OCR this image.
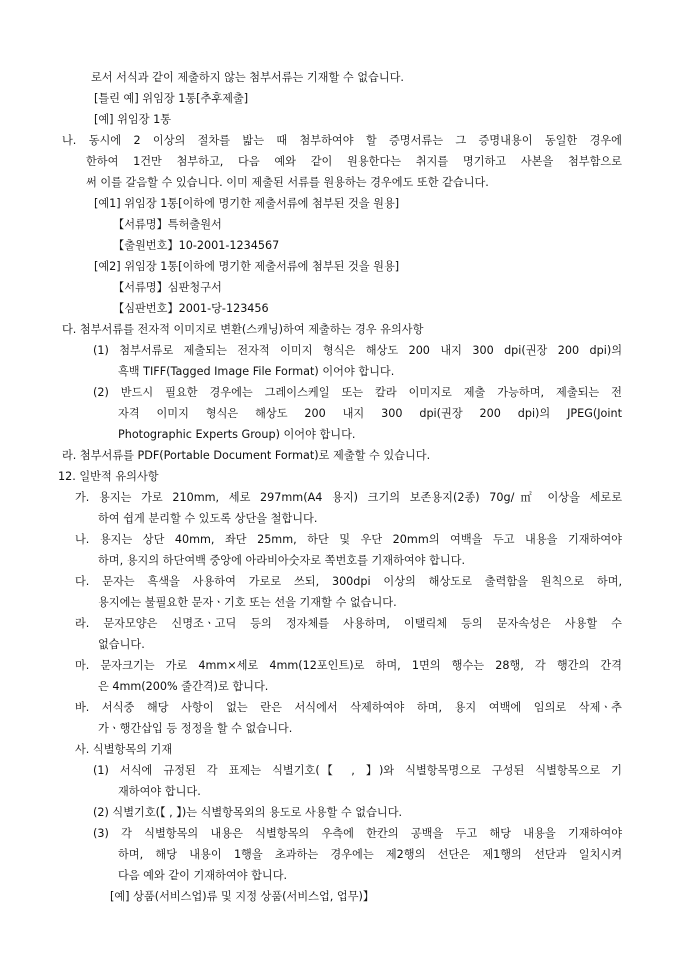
로서 서식과 같이 제출하지 않는 첨부서류는 기재할 수 없습니다.
[틀린 예] 위임장 1통[추후제출]
[예] 위임장 1통
나. 동시에 2 이상의 절차를 밟는 때 첨부하여야 할 증명서류는 그 증명내용이 동일한 경우에
한하여 1건만 첨부하고, 다음 예와 같이 원용한다는 취지를 명기하고 사본을 첨부함으로
써 이를 갈음할 수 있습니다. 이미 제출된 서류를 원용하는 경우에도 또한 같습니다.
[예1] 위임장 1통[이하에 명기한 제출서류에 첨부된 것을 원용]
【서류명】특허출원서
【출원번호】10-2001-1234567
[예2] 위임장 1통[이하에 명기한 제출서류에 첨부된 것을 원용]
【서류명】심판청구서
【심판번호】2001-당-123456
다. 첨부서류를 전자적 이미지로 변환(스캐닝)하여 제출하는 경우 유의사항
(1) 첨부서류로 제출되는 전자적 이미지 형식은 해상도 200 내지 300 dpi(권장 200 dpi)의
흑백 TIFF(Tagged Image File Format) 이어야 합니다.
(2) 반드시 필요한 경우에는 그레이스케일 또는 칼라 이미지로 제출 가능하며, 제출되는 전
자격 이미지 형식은 해상도 200 내지 300 dpi(권장 200 dpi)의 JPEG(Joint
Photographic Experts Group) 이어야 합니다.
라. 첨부서류를 PDF(Portable Document Format)로 제출할 수 있습니다.
12. 일반적 유의사항
가. 용지는 가로 210mm, 세로 297mm(A4 용지) 크기의 보존용지(2종) 70g/㎡ 이상을 세로로
하여 쉽게 분리할 수 있도록 상단을 철합니다.
나. 용지는 상단 40mm, 좌단 25mm, 하단 및 우단 20mm의 여백을 두고 내용을 기재하여야
하며, 용지의 하단여백 중앙에 아라비아숫자로 쪽번호를 기재하여야 합니다.
다. 문자는 흑색을 사용하여 가로로 쓰되, 300dpi 이상의 해상도로 출력함을 원칙으로 하며,
용지에는 불필요한 문자ㆍ기호 또는 선을 기재할 수 없습니다.
라. 문자모양은 신명조ㆍ고딕 등의 정자체를 사용하며, 이탤릭체 등의 문자속성은 사용할 수
없습니다.
마. 문자크기는 가로 4mm×세로 4mm(12포인트)로 하며, 1면의 행수는 28행, 각 행간의 간격
은 4mm(200% 줄간격)로 합니다.
바. 서식중 해당 사항이 없는 란은 서식에서 삭제하여야 하며, 용지 여백에 임의로 삭제ㆍ추
가ㆍ행간삽입 등 정정을 할 수 없습니다.
사. 식별항목의 기재
(1) 서식에 규정된 각 표제는 식별기호(【 , 】)와 식별항목명으로 구성된 식별항목으로 기
재하여야 합니다.
(2) 식별기호(【 , 】)는 식별항목외의 용도로 사용할 수 없습니다.
(3) 각 식별항목의 내용은 식별항목의 우측에 한칸의 공백을 두고 해당 내용을 기재하여야
하며, 해당 내용이 1행을 초과하는 경우에는 제2행의 선단은 제1행의 선단과 일치시켜
다음 예와 같이 기재하여야 합니다.
[예] 상품(서비스업)류 및 지정 상품(서비스업, 업무)】
